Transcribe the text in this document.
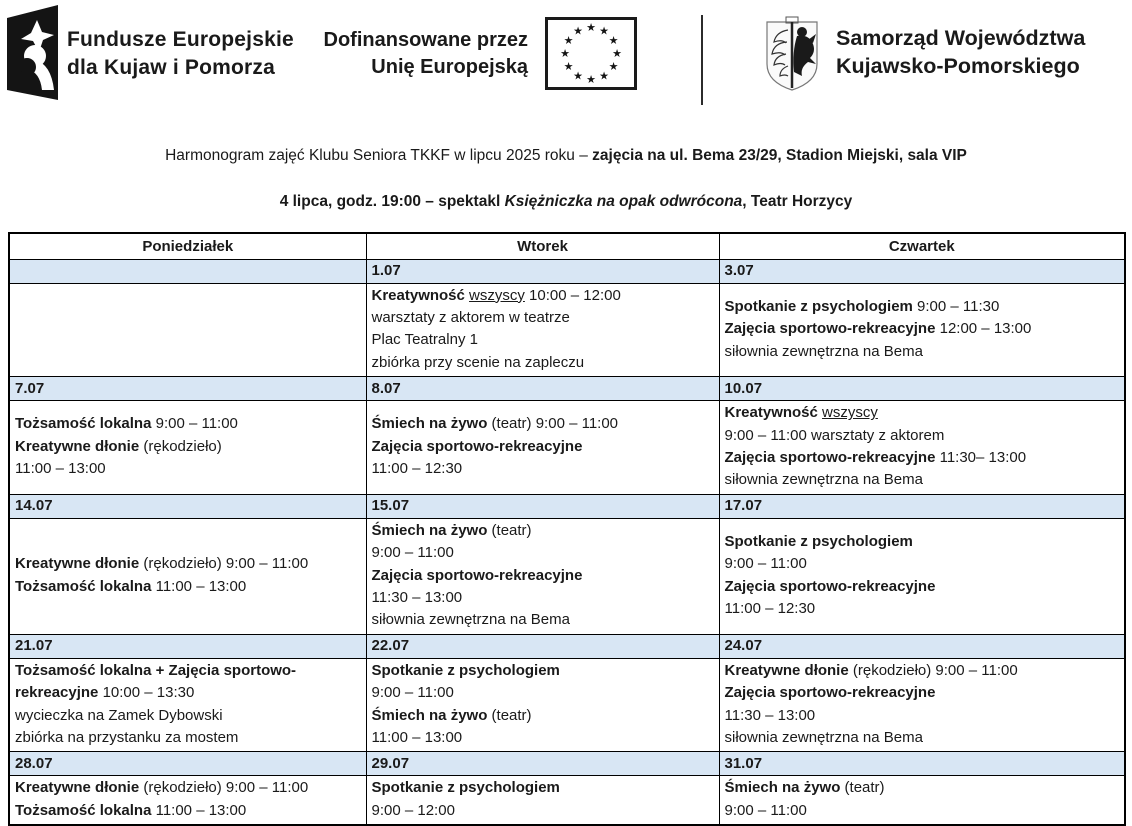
Fundusze Europejskie
dla Kujaw i Pomorza
Dofinansowane przez
Unię Europejską
★ ★
★
★
★
★
★
★
★
★
★
★	Samorząd Województwa
Kujawsko-Pomorskiego
Harmonogram zajęć Klubu Seniora TKKF w lipcu 2025 roku – zajęcia na ul. Bema 23/29, Stadion Miejski, sala VIP
4 lipca, godz. 19:00 – spektakl Księżniczka na opak odwrócona, Teatr Horzycy
Poniedziałek	Wtorek	Czwartek
	1.07	3.07

Kreatywność wszyscy 10:00 – 12:00
warsztaty z aktorem w teatrze
Plac Teatralny 1
zbiórka przy scenie na zapleczu

Spotkanie z psychologiem 9:00 – 11:30
Zajęcia sportowo-rekreacyjne 12:00 – 13:00
siłownia zewnętrzna na Bema

7.07	8.07	10.07

Tożsamość lokalna 9:00 – 11:00
Kreatywne dłonie (rękodzieło)
11:00 – 13:00

Śmiech na żywo (teatr) 9:00 – 11:00
Zajęcia sportowo-rekreacyjne
11:00 – 12:30

Kreatywność wszyscy
9:00 – 11:00 warsztaty z aktorem
Zajęcia sportowo-rekreacyjne 11:30– 13:00
siłownia zewnętrzna na Bema

14.07	15.07	17.07

Kreatywne dłonie (rękodzieło) 9:00 – 11:00
Tożsamość lokalna 11:00 – 13:00

Śmiech na żywo (teatr)
9:00 – 11:00
Zajęcia sportowo-rekreacyjne
11:30 – 13:00
siłownia zewnętrzna na Bema

Spotkanie z psychologiem
9:00 – 11:00
Zajęcia sportowo-rekreacyjne
11:00 – 12:30

21.07	22.07	24.07

Tożsamość lokalna + Zajęcia sportowo-
rekreacyjne 10:00 – 13:30
wycieczka na Zamek Dybowski
zbiórka na przystanku za mostem

Spotkanie z psychologiem
9:00 – 11:00
Śmiech na żywo (teatr)
11:00 – 13:00

Kreatywne dłonie (rękodzieło) 9:00 – 11:00
Zajęcia sportowo-rekreacyjne
11:30 – 13:00
siłownia zewnętrzna na Bema

28.07	29.07	31.07

Kreatywne dłonie (rękodzieło) 9:00 – 11:00
Tożsamość lokalna 11:00 – 13:00

Spotkanie z psychologiem
9:00 – 12:00

Śmiech na żywo (teatr)
9:00 – 11:00
